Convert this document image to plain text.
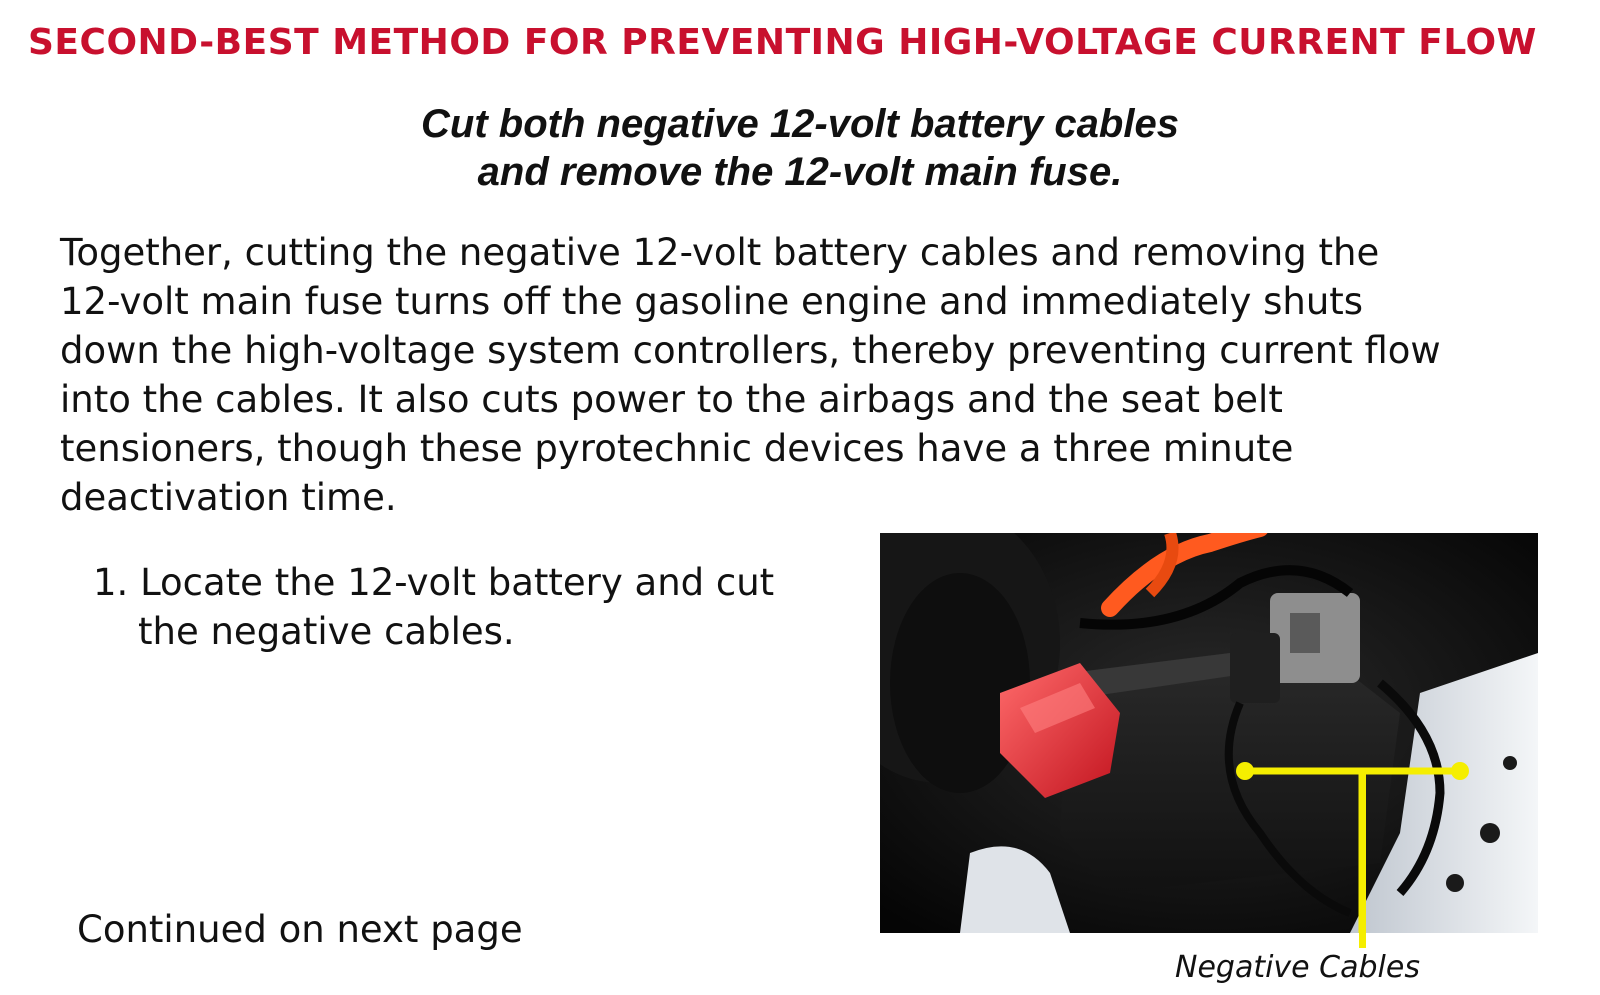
SECOND-BEST METHOD FOR PREVENTING HIGH-VOLTAGE CURRENT FLOW
Cut both negative 12-volt battery cables
and remove the 12-volt main fuse.
Together, cutting the negative 12-volt battery cables and removing the
12-volt main fuse turns off the gasoline engine and immediately shuts
down the high-voltage system controllers, thereby preventing current flow
into the cables. It also cuts power to the airbags and the seat belt
tensioners, though these pyrotechnic devices have a three minute
deactivation time.
1. Locate the 12-volt battery and cut
the negative cables.
Continued on next page
Negative Cables
